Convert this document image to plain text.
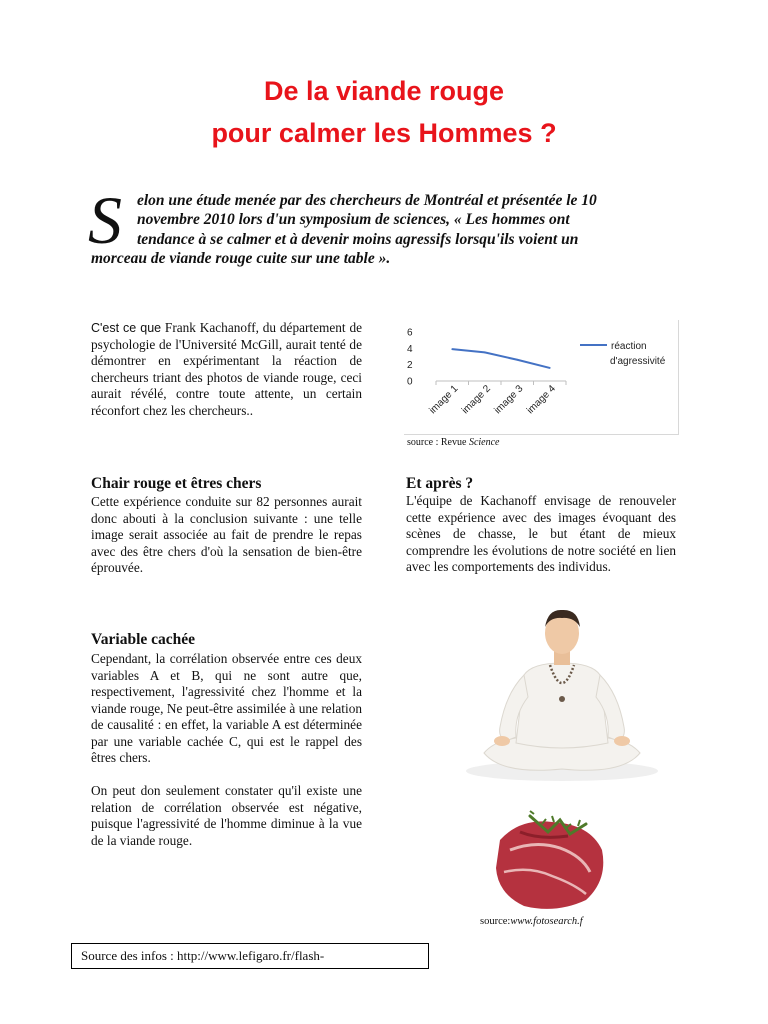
De la viande rouge
pour calmer les Hommes ?
S elon une étude menée par des chercheurs de Montréal et présentée le 10
novembre 2010 lors d'un symposium de sciences, « Les hommes ont
tendance à se calmer et à devenir moins agressifs lorsqu'ils voient un
morceau de viande rouge cuite sur une table ».
C'est ce que Frank Kachanoff, du département de psychologie de l'Université McGill, aurait tenté de démontrer en expérimentant la réaction de chercheurs triant des photos de viande rouge, ceci aurait révélé, contre toute attente, un certain réconfort chez les chercheurs..
6
4
2
0
image 1 image 2 image 3 image 4
réaction
d'agressivité
source : Revue Science
Chair rouge et êtres chers
Cette expérience conduite sur 82 personnes aurait donc abouti à la conclusion suivante : une telle image serait associée au fait de prendre le repas avec des être chers d'où la sensation de bien-être éprouvée.
Et après ?
L'équipe de Kachanoff envisage de renouveler cette expérience avec des images évoquant des scènes de chasse, le but étant de mieux comprendre les évolutions de notre société en lien avec les comportements des individus.
Variable cachée
Cependant, la corrélation observée entre ces deux variables A et B, qui ne sont autre que, respectivement, l'agressivité chez l'homme et la viande rouge, Ne peut-être assimilée à une relation de causalité : en effet, la variable A est déterminée par une variable cachée C, qui est le rappel des êtres chers.
On peut don seulement constater qu'il existe une relation de corrélation observée est négative, puisque l'agressivité de l'homme diminue à la vue de la viande rouge.
source:www.fotosearch.f
Source des infos : http://www.lefigaro.fr/flash-
